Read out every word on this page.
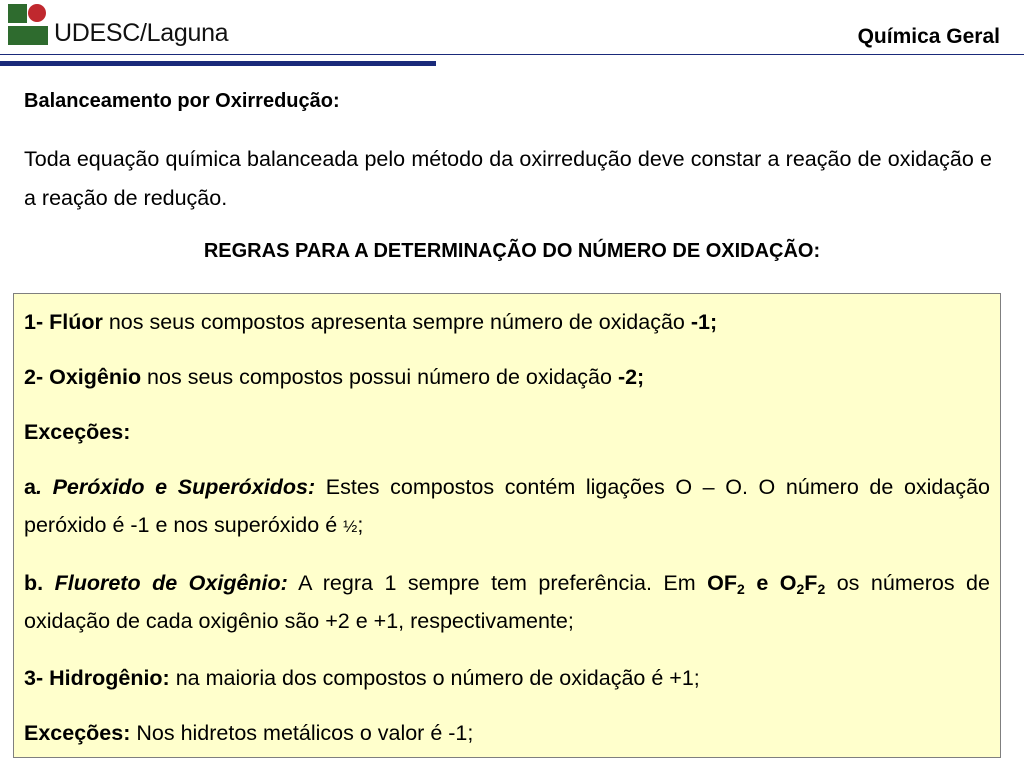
UDESC/Laguna	Química Geral
Balanceamento por Oxirredução:

Toda equação química balanceada pelo método da oxirredução deve constar a reação de oxidação e a reação de redução.

REGRAS PARA A DETERMINAÇÃO DO NÚMERO DE OXIDAÇÃO:
1- Flúor nos seus compostos apresenta sempre número de oxidação -1;
2- Oxigênio nos seus compostos possui número de oxidação -2;
Exceções:

a. Peróxido e Superóxidos: Estes compostos contém ligações O – O. O número de oxidação peróxido é -1 e nos superóxido é ½;

b. Fluoreto de Oxigênio: A regra 1 sempre tem preferência. Em $OF_2$ e $O_2F_2$ os números de oxidação de cada oxigênio são +2 e +1, respectivamente;

3- Hidrogênio: na maioria dos compostos o número de oxidação é +1;
Exceções: Nos hidretos metálicos o valor é -1;
